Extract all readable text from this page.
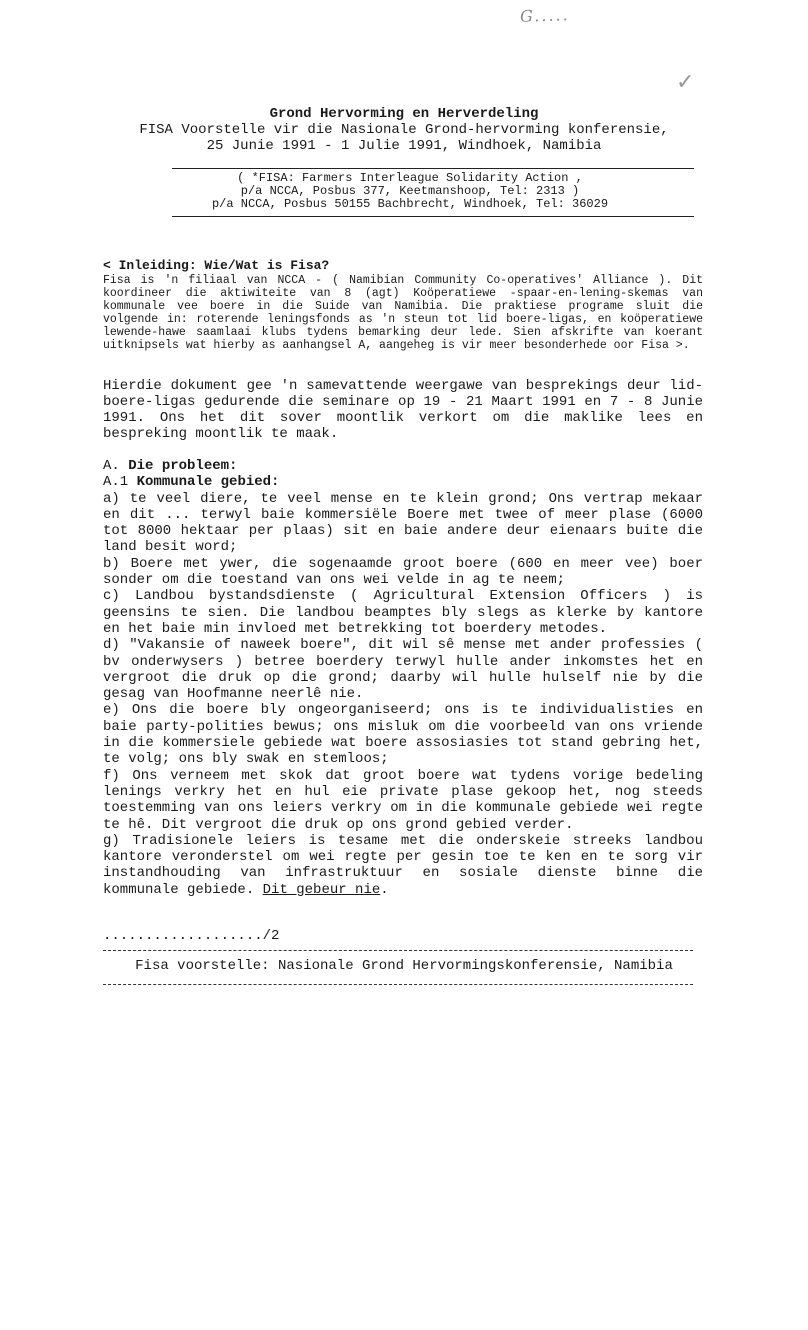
G.....
✓
Grond Hervorming en Herverdeling
FISA Voorstelle vir die Nasionale Grond-hervorming konferensie,
25 Junie 1991 - 1 Julie 1991, Windhoek, Namibia
( *FISA: Farmers Interleague Solidarity Action ,
p/a NCCA, Posbus 377, Keetmanshoop, Tel: 2313 )
p/a NCCA, Posbus 50155 Bachbrecht, Windhoek, Tel: 36029
< Inleiding: Wie/Wat is Fisa?

Fisa is 'n filiaal van NCCA - ( Namibian Community Co-operatives' Alliance ). Dit koordineer die aktiwiteite van 8 (agt) Koöperatiewe -spaar-en-lening-skemas van kommunale vee boere in die Suide van Namibia. Die praktiese programe sluit die volgende in: roterende leningsfonds as 'n steun tot lid boere-ligas, en koöperatiewe lewende-hawe saamlaai klubs tydens bemarking deur lede. Sien afskrifte van koerant uitknipsels wat hierby as aanhangsel A, aangeheg is vir meer besonderhede oor Fisa >.

Hierdie dokument gee 'n samevattende weergawe van besprekings deur lid-boere-ligas gedurende die seminare op 19 - 21 Maart 1991 en 7 - 8 Junie 1991. Ons het dit sover moontlik verkort om die maklike lees en bespreking moontlik te maak.

A. Die probleem:
A.1 Kommunale gebied:

a) te veel diere, te veel mense en te klein grond; Ons vertrap mekaar en dit ... terwyl baie kommersiële Boere met twee of meer plase (6000 tot 8000 hektaar per plaas) sit en baie andere deur eienaars buite die land besit word;

b) Boere met ywer, die sogenaamde groot boere (600 en meer vee) boer sonder om die toestand van ons wei velde in ag te neem;

c) Landbou bystandsdienste ( Agricultural Extension Officers ) is geensins te sien. Die landbou beamptes bly slegs as klerke by kantore en het baie min invloed met betrekking tot boerdery metodes.

d) "Vakansie of naweek boere", dit wil sê mense met ander professies ( bv onderwysers ) betree boerdery terwyl hulle ander inkomstes het en vergroot die druk op die grond; daarby wil hulle hulself nie by die gesag van Hoofmanne neerlê nie.

e) Ons die boere bly ongeorganiseerd; ons is te individualisties en baie party-polities bewus; ons misluk om die voorbeeld van ons vriende in die kommersiele gebiede wat boere assosiasies tot stand gebring het, te volg; ons bly swak en stemloos;

f) Ons verneem met skok dat groot boere wat tydens vorige bedeling lenings verkry het en hul eie private plase gekoop het, nog steeds toestemming van ons leiers verkry om in die kommunale gebiede wei regte te hê. Dit vergroot die druk op ons grond gebied verder.

g) Tradisionele leiers is tesame met die onderskeie streeks landbou kantore veronderstel om wei regte per gesin toe te ken en te sorg vir instandhouding van infrastruktuur en sosiale dienste binne die kommunale gebiede. Dit gebeur nie.

.................../2
Fisa voorstelle: Nasionale Grond Hervormingskonferensie, Namibia
